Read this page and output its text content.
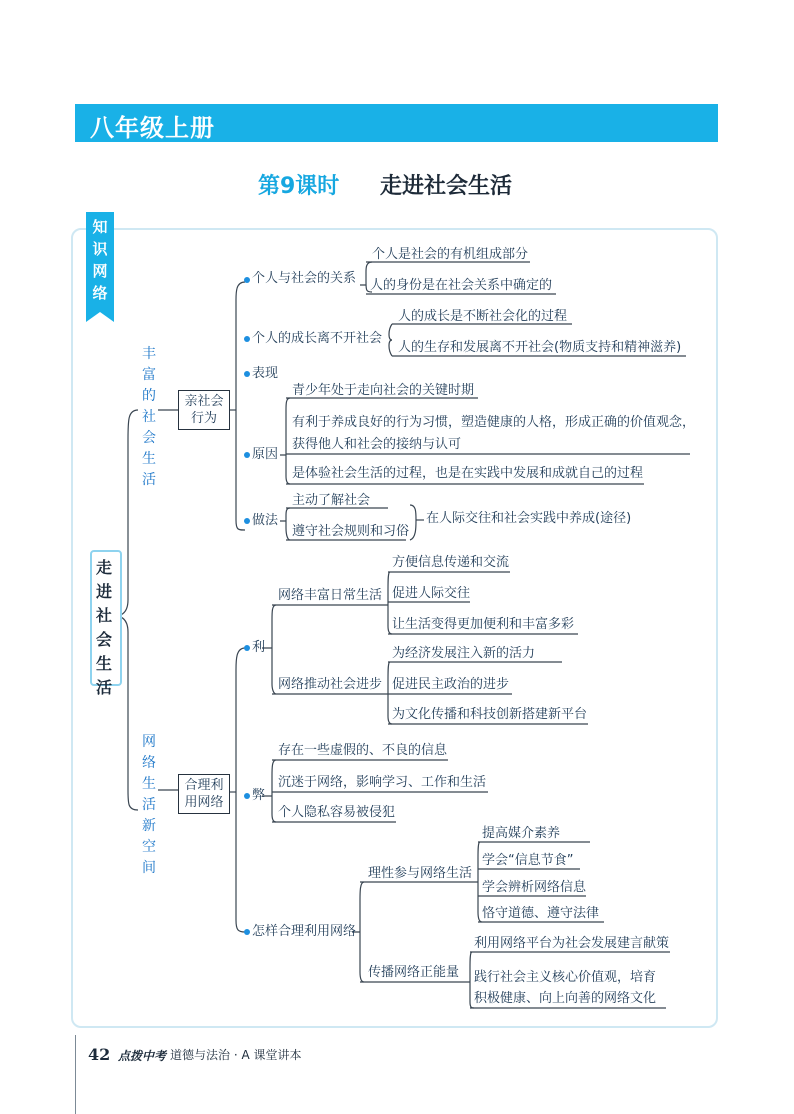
八年级上册
第9课时 走进社会生活
知识网络
走进社会生活
丰富的社会生活
亲社会行为
个人与社会的关系
个人是社会的有机组成部分
人的身份是在社会关系中确定的
个人的成长离不开社会
人的成长是不断社会化的过程
人的生存和发展离不开社会(物质支持和精神滋养)
表现
原因
青少年处于走向社会的关键时期
有利于养成良好的行为习惯，塑造健康的人格，形成正确的价值观念，
获得他人和社会的接纳与认可
是体验社会生活的过程，也是在实践中发展和成就自己的过程
做法
主动了解社会
遵守社会规则和习俗
在人际交往和社会实践中养成(途径)
网络生活新空间
合理利用网络
利
网络丰富日常生活
方便信息传递和交流
促进人际交往
让生活变得更加便利和丰富多彩
网络推动社会进步
为经济发展注入新的活力
促进民主政治的进步
为文化传播和科技创新搭建新平台
弊
存在一些虚假的、不良的信息
沉迷于网络，影响学习、工作和生活
个人隐私容易被侵犯
怎样合理利用网络
理性参与网络生活
提高媒介素养
学会“信息节食”
学会辨析网络信息
恪守道德、遵守法律
传播网络正能量
利用网络平台为社会发展建言献策
践行社会主义核心价值观，培育
积极健康、向上向善的网络文化
42 点拨中考 道德与法治 · A 课堂讲本
